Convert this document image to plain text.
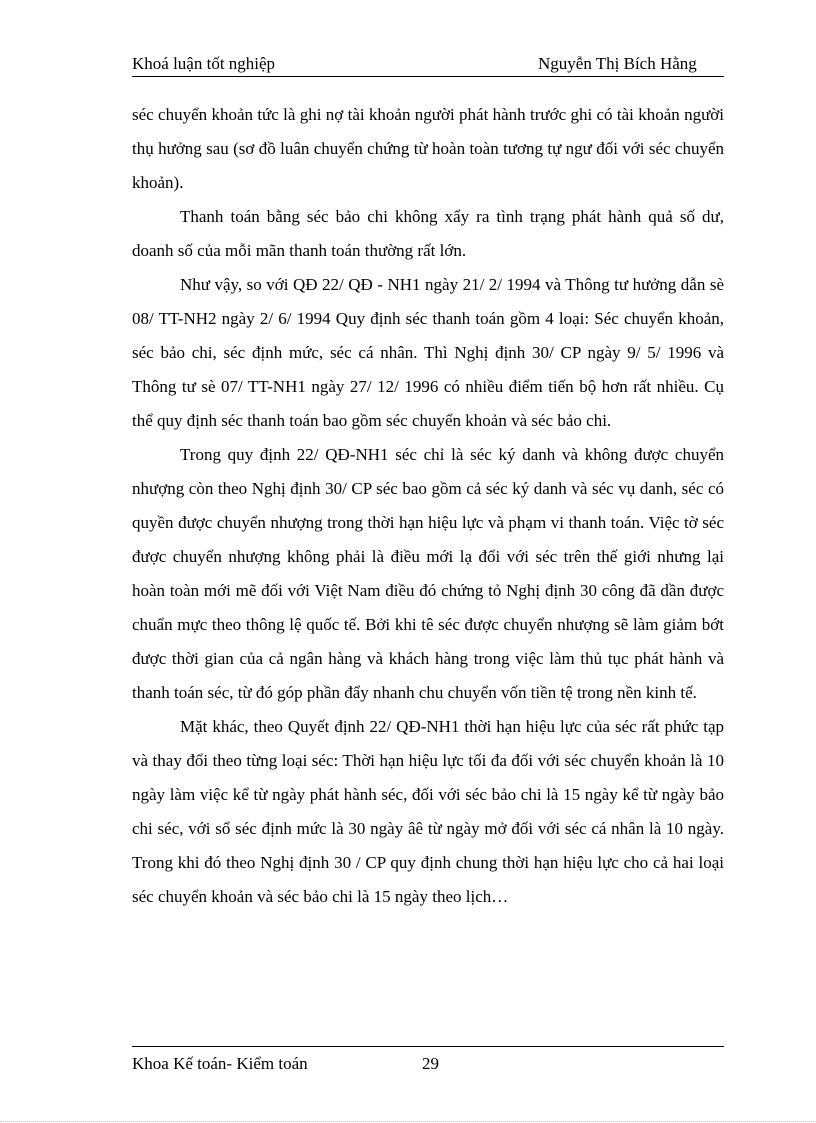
Khoá luận tốt nghiệp	Nguyễn Thị Bích Hằng

séc chuyển khoản tức là ghi nợ tài khoản người phát hành trước ghi có tài khoản người thụ hưởng sau (sơ đồ luân chuyển chứng từ hoàn toàn tương tự ngư đối với séc chuyển khoản).

Thanh toán bằng séc bảo chi không xẩy ra tình trạng phát hành quả số dư, doanh số của mỗi mãn thanh toán thường rất lớn.

Như vậy, so với QĐ 22/ QĐ - NH1 ngày 21/ 2/ 1994 và Thông tư hưởng dẫn sè 08/ TT-NH2 ngày 2/ 6/ 1994 Quy định séc thanh toán gồm 4 loại: Séc chuyển khoản, séc bảo chi, séc định mức, séc cá nhân. Thì Nghị định 30/ CP ngày 9/ 5/ 1996 và Thông tư sè 07/ TT-NH1 ngày 27/ 12/ 1996 có nhiều điểm tiến bộ hơn rất nhiều. Cụ thể quy định séc thanh toán bao gồm séc chuyển khoản và séc bảo chi.

Trong quy định 22/ QĐ-NH1 séc chỉ là séc ký danh và không được chuyển nhượng còn theo Nghị định 30/ CP séc bao gồm cả séc ký danh và séc vụ danh, séc có quyền được chuyển nhượng trong thời hạn hiệu lực và phạm vi thanh toán. Việc tờ séc được chuyển nhượng không phải là điều mới lạ đối với séc trên thế giới nhưng lại hoàn toàn mới mẽ đối với Việt Nam điều đó chứng tỏ Nghị định 30 công đã dần được chuẩn mực theo thông lệ quốc tế. Bởi khi tê séc được chuyển nhượng sẽ làm giảm bớt được thời gian của cả ngân hàng và khách hàng trong việc làm thủ tục phát hành và thanh toán séc, từ đó góp phần đẩy nhanh chu chuyển vốn tiền tệ trong nền kinh tế.

Mặt khác, theo Quyết định 22/ QĐ-NH1 thời hạn hiệu lực của séc rất phức tạp và thay đổi theo từng loại séc: Thời hạn hiệu lực tối đa đối với séc chuyển khoản là 10 ngày làm việc kể từ ngày phát hành séc, đối với séc bảo chi là 15 ngày kể từ ngày bảo chi séc, với sổ séc định mức là 30 ngày âê từ ngày mở đối với séc cá nhân là 10 ngày. Trong khi đó theo Nghị định 30 / CP quy định chung thời hạn hiệu lực cho cả hai loại séc chuyển khoản và séc bảo chi là 15 ngày theo lịch…

Khoa Kế toán- Kiểm toán	29
